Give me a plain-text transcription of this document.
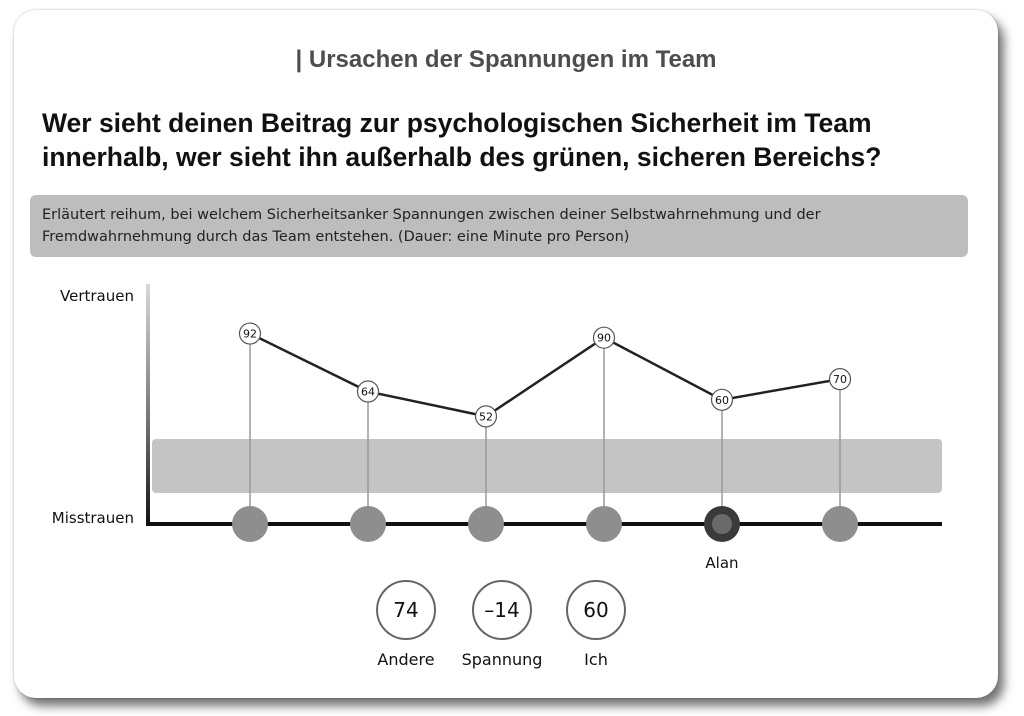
| Ursachen der Spannungen im Team
Wer sieht deinen Beitrag zur psychologischen Sicherheit im Team innerhalb, wer sieht ihn außerhalb des grünen, sicheren Bereichs?

Erläutert reihum, bei welchem Sicherheitsanker Spannungen zwischen deiner Selbstwahrnehmung und der Fremdwahrnehmung durch das Team entstehen. (Dauer: eine Minute pro Person)

Vertrauen
Misstrauen
Alan
92
64
52
90
60
70
74
Andere
–14
Spannung
60
Ich
